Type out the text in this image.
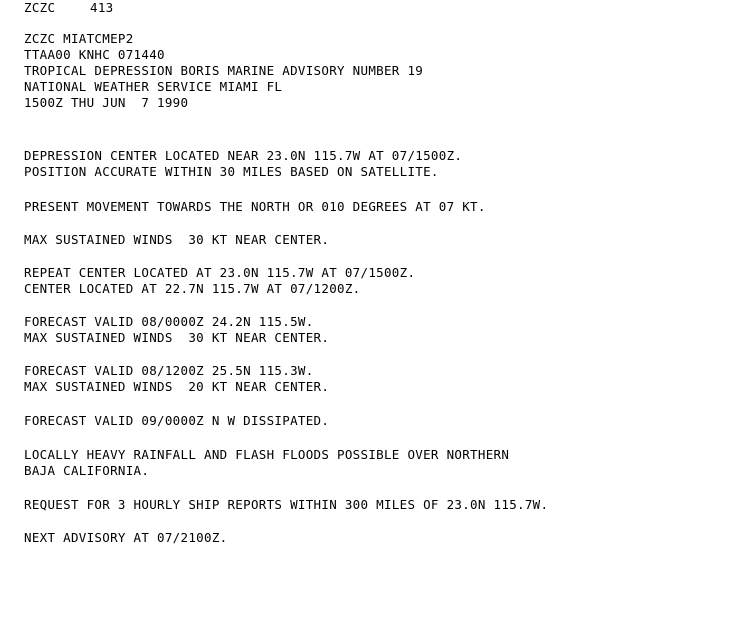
ZCZC	413
ZCZC MIATCMEP2
TTAA00 KNHC 071440
TROPICAL DEPRESSION BORIS MARINE ADVISORY NUMBER 19
NATIONAL WEATHER SERVICE MIAMI FL
1500Z THU JUN  7 1990
DEPRESSION CENTER LOCATED NEAR 23.0N 115.7W AT 07/1500Z.
POSITION ACCURATE WITHIN 30 MILES BASED ON SATELLITE.
PRESENT MOVEMENT TOWARDS THE NORTH OR 010 DEGREES AT 07 KT.
MAX SUSTAINED WINDS  30 KT NEAR CENTER.
REPEAT CENTER LOCATED AT 23.0N 115.7W AT 07/1500Z.
CENTER LOCATED AT 22.7N 115.7W AT 07/1200Z.
FORECAST VALID 08/0000Z 24.2N 115.5W.
MAX SUSTAINED WINDS  30 KT NEAR CENTER.
FORECAST VALID 08/1200Z 25.5N 115.3W.
MAX SUSTAINED WINDS  20 KT NEAR CENTER.
FORECAST VALID 09/0000Z N W DISSIPATED.
LOCALLY HEAVY RAINFALL AND FLASH FLOODS POSSIBLE OVER NORTHERN
BAJA CALIFORNIA.
REQUEST FOR 3 HOURLY SHIP REPORTS WITHIN 300 MILES OF 23.0N 115.7W.
NEXT ADVISORY AT 07/2100Z.
